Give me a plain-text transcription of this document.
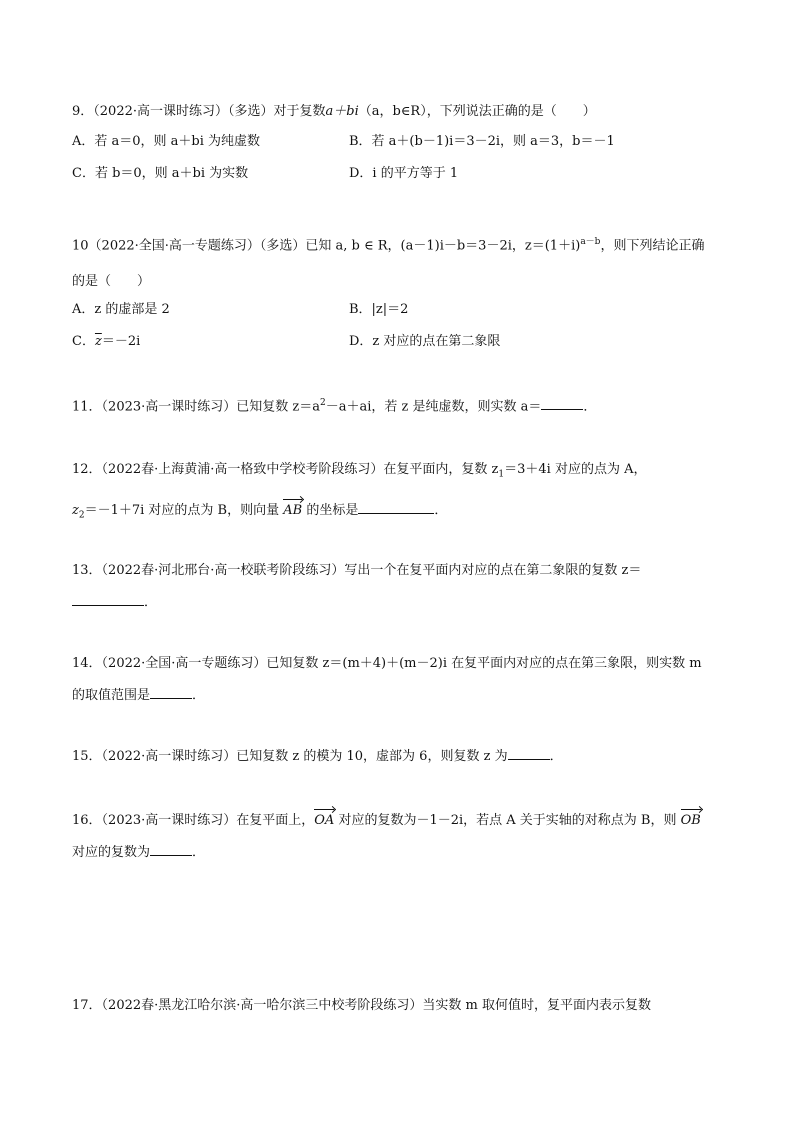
9．（2022·高一课时练习）（多选）对于复数a＋bi（a，b∈R），下列说法正确的是（　　）
A．若 a＝0，则 a＋bi 为纯虚数	B．若 a＋(b－1)i＝3－2i，则 a＝3，b＝－1
C．若 b＝0，则 a＋bi 为实数	D．i 的平方等于 1
10（2022·全国·高一专题练习）（多选）已知 a, b ∈ R，(a－1)i－b＝3－2i，$z=(1+i)^{a-b}$，则下列结论正确
的是（　　）
A．z 的虚部是 2	B．|z|＝2
C．$\overline{z}=-2i$	D．z 对应的点在第二象限
11．（2023·高一课时练习）已知复数 $z=a^2-a+ai$，若 z 是纯虚数，则实数 a＝	．
12．（2022春·上海黄浦·高一格致中学校考阶段练习）在复平面内，复数 $z_1=3+4i$ 对应的点为 A，
$z_2=-1+7i$ 对应的点为 B，则向量 AB 的坐标是	．
13．（2022春·河北邢台·高一校联考阶段练习）写出一个在复平面内对应的点在第二象限的复数 z＝
．
14．（2022·全国·高一专题练习）已知复数 z＝(m＋4)＋(m－2)i 在复平面内对应的点在第三象限，则实数 m
的取值范围是	．
15．（2022·高一课时练习）已知复数 z 的模为 10，虚部为 6，则复数 z 为	．
16．（2023·高一课时练习）在复平面上，OA 对应的复数为－1－2i，若点 A 关于实轴的对称点为 B，则 OB
对应的复数为	．
17．（2022春·黑龙江哈尔滨·高一哈尔滨三中校考阶段练习）当实数 m 取何值时，复平面内表示复数
